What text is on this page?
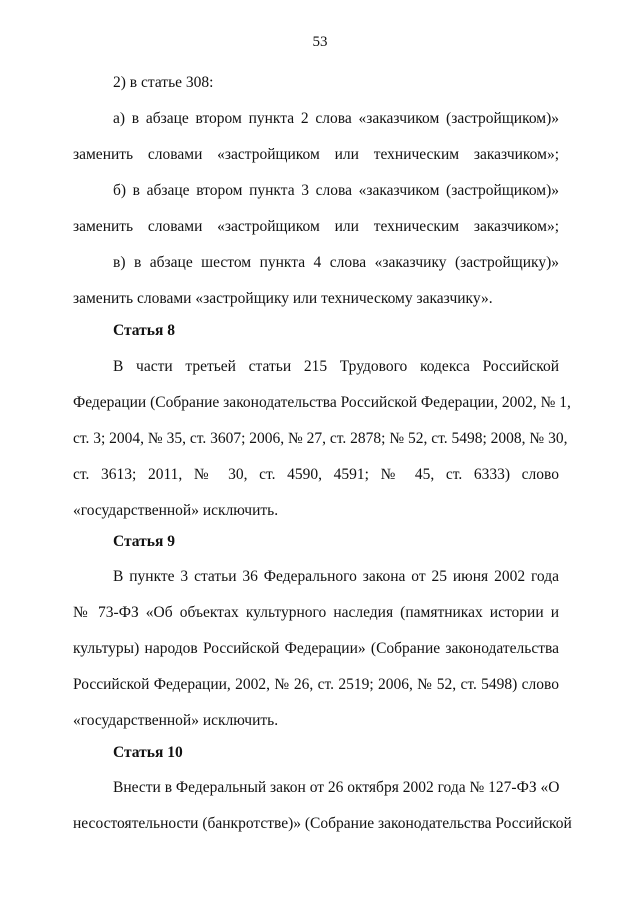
53
2) в статье 308:
а) в абзаце втором пункта 2 слова «заказчиком (застройщиком)»
заменить словами «застройщиком или техническим заказчиком»;
б) в абзаце втором пункта 3 слова «заказчиком (застройщиком)»
заменить словами «застройщиком или техническим заказчиком»;
в) в абзаце шестом пункта 4 слова «заказчику (застройщику)»
заменить словами «застройщику или техническому заказчику».
Статья 8
В части третьей статьи 215 Трудового кодекса Российской
Федерации (Собрание законодательства Российской Федерации, 2002, № 1,
ст. 3; 2004, № 35, ст. 3607; 2006, № 27, ст. 2878; № 52, ст. 5498; 2008, № 30,
ст. 3613; 2011, № 30, ст. 4590, 4591; № 45, ст. 6333) слово
«государственной» исключить.
Статья 9
В пункте 3 статьи 36 Федерального закона от 25 июня 2002 года
№ 73-ФЗ «Об объектах культурного наследия (памятниках истории и
культуры) народов Российской Федерации» (Собрание законодательства
Российской Федерации, 2002, № 26, ст. 2519; 2006, № 52, ст. 5498) слово
«государственной» исключить.
Статья 10
Внести в Федеральный закон от 26 октября 2002 года № 127-ФЗ «О
несостоятельности (банкротстве)» (Собрание законодательства Российской
